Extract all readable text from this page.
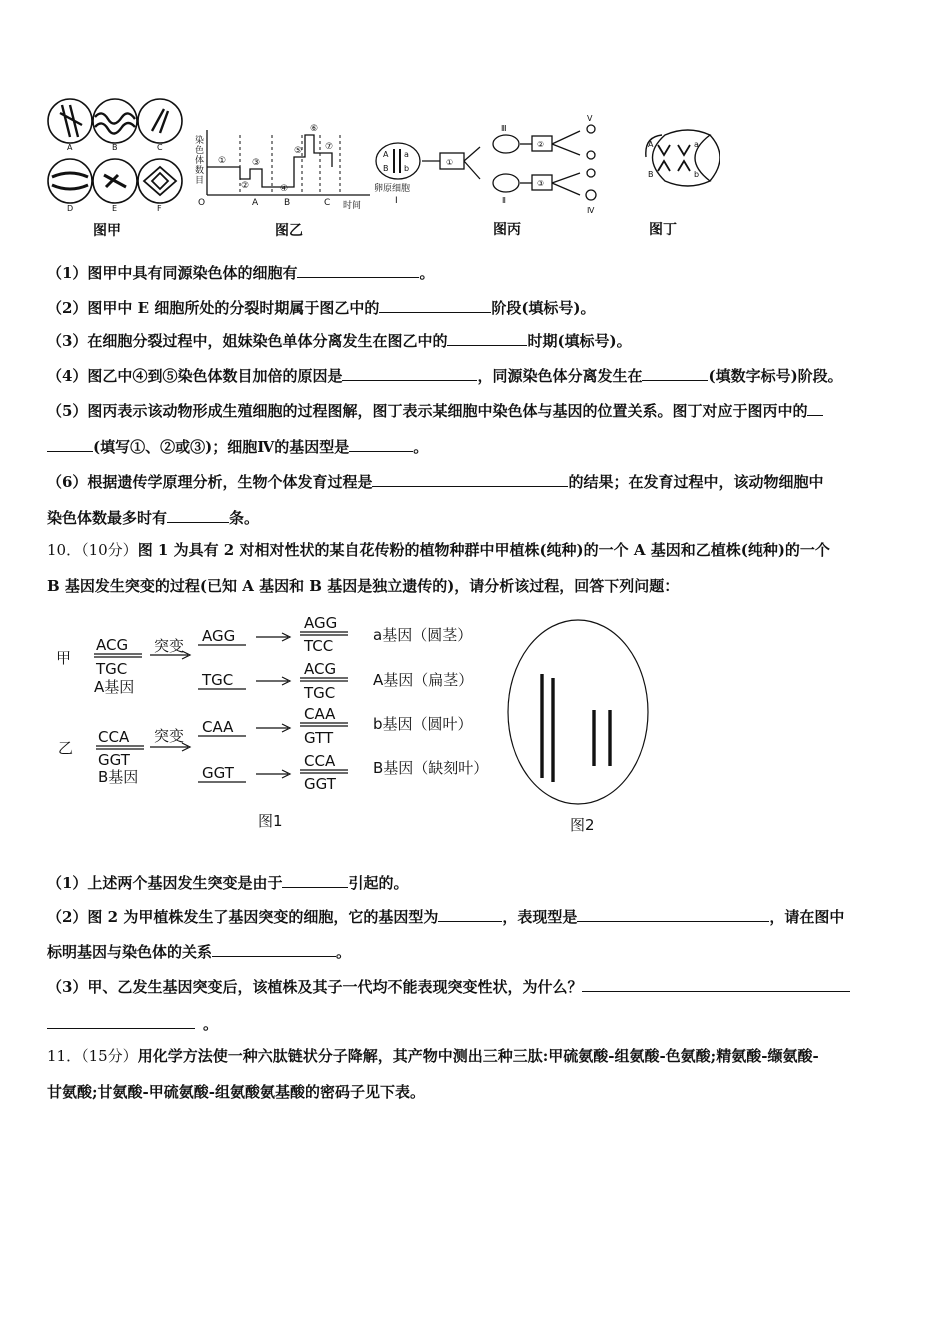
A	B	C
D	E	F
染
色
体
数
目
O	时间
①
②
③
④
⑤
⑥
⑦
A	B	C
A a
B b
卵原细胞
Ⅰ
①
②
③
Ⅲ
Ⅱ
Ⅴ
Ⅳ
A	a
B	b
图甲	图乙	图丙	图丁
（1）图甲中具有同源染色体的细胞有	。
（2）图甲中 E 细胞所处的分裂时期属于图乙中的	阶段(填标号)。
（3）在细胞分裂过程中，姐妹染色单体分离发生在图乙中的	时期(填标号)。
（4）图乙中④到⑤染色体数目加倍的原因是	，同源染色体分离发生在	(填数字标号)阶段。
（5）图丙表示该动物形成生殖细胞的过程图解，图丁表示某细胞中染色体与基因的位置关系。图丁对应于图丙中的
(填写①、②或③)；细胞Ⅳ的基因型是	。
（6）根据遗传学原理分析，生物个体发育过程是	的结果；在发育过程中，该动物细胞中
染色体数最多时有	条。
10．（10分）图 1 为具有 2 对相对性状的某自花传粉的植物种群中甲植株(纯种)的一个 A 基因和乙植株(纯种)的一个
B 基因发生突变的过程(已知 A 基因和 B 基因是独立遗传的)，请分析该过程，回答下列问题：
甲
ACG
TGC
A基因
突变
AGG
TGC
AGG
TCC
a基因（圆茎）
ACG
TGC
A基因（扁茎）
乙
CCA
GGT
B基因
突变 CAA
GGT
CAA
GTT
b基因（圆叶）
CCA
GGT
B基因（缺刻叶）
图1	图2
（1）上述两个基因发生突变是由于	引起的。
（2）图 2 为甲植株发生了基因突变的细胞，它的基因型为	，表现型是	，请在图中
标明基因与染色体的关系	。
（3）甲、乙发生基因突变后，该植株及其子一代均不能表现突变性状，为什么？
。
11．（15分）用化学方法使一种六肽链状分子降解，其产物中测出三种三肽:甲硫氨酸-组氨酸-色氨酸;精氨酸-缬氨酸-
甘氨酸;甘氨酸-甲硫氨酸-组氨酸氨基酸的密码子见下表。
